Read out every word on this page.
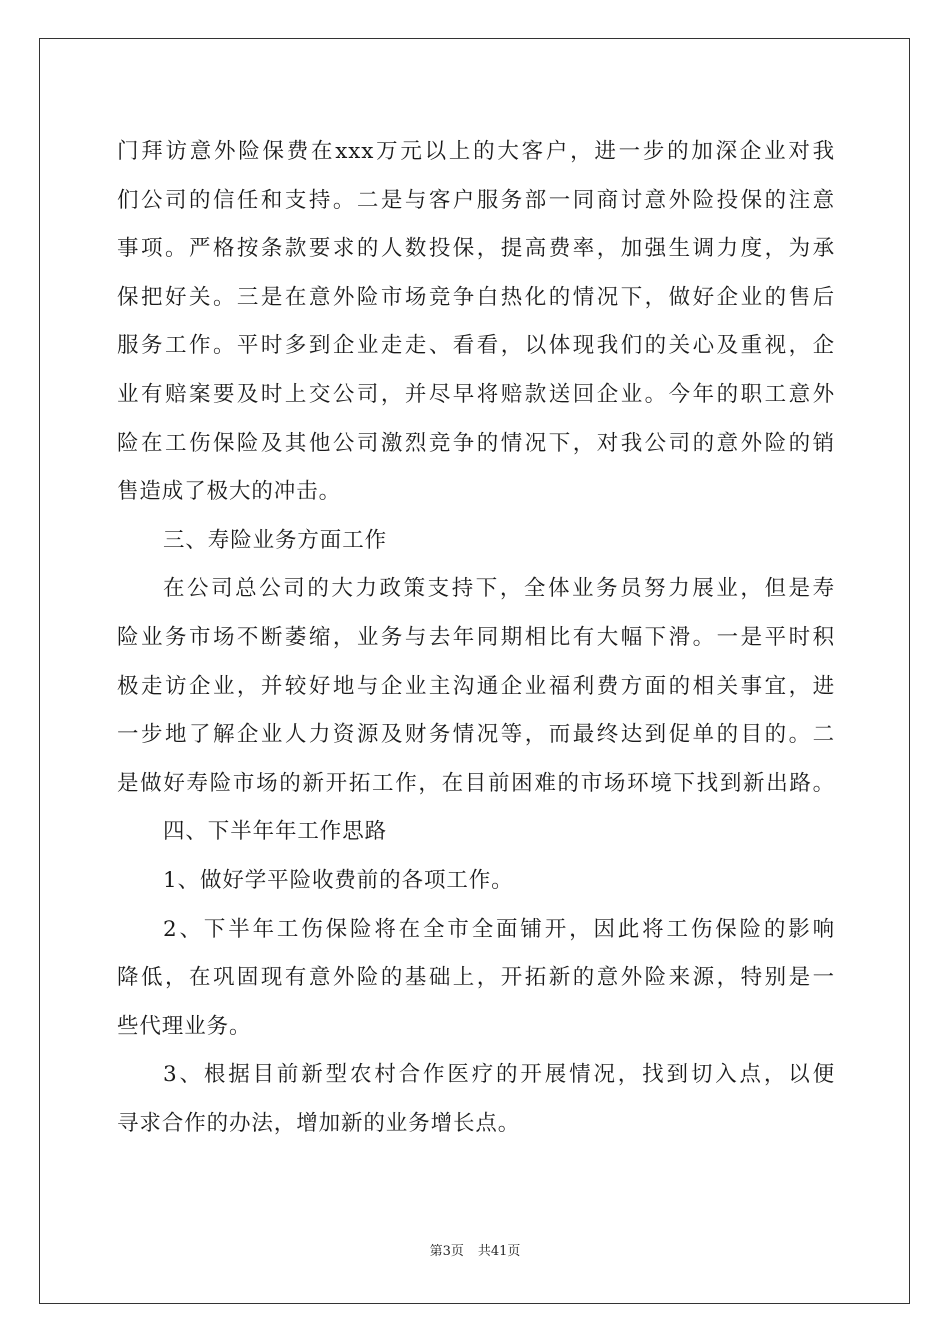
门拜访意外险保费在xxx万元以上的大客户，进一步的加深企业对我
们公司的信任和支持。二是与客户服务部一同商讨意外险投保的注意
事项。严格按条款要求的人数投保，提高费率，加强生调力度，为承
保把好关。三是在意外险市场竞争白热化的情况下，做好企业的售后
服务工作。平时多到企业走走、看看，以体现我们的关心及重视，企
业有赔案要及时上交公司，并尽早将赔款送回企业。今年的职工意外
险在工伤保险及其他公司激烈竞争的情况下，对我公司的意外险的销
售造成了极大的冲击。
三、寿险业务方面工作
在公司总公司的大力政策支持下，全体业务员努力展业，但是寿
险业务市场不断萎缩，业务与去年同期相比有大幅下滑。一是平时积
极走访企业，并较好地与企业主沟通企业福利费方面的相关事宜，进
一步地了解企业人力资源及财务情况等，而最终达到促单的目的。二
是做好寿险市场的新开拓工作，在目前困难的市场环境下找到新出路。
四、下半年年工作思路
1、做好学平险收费前的各项工作。
2、下半年工伤保险将在全市全面铺开，因此将工伤保险的影响
降低，在巩固现有意外险的基础上，开拓新的意外险来源，特别是一
些代理业务。
3、根据目前新型农村合作医疗的开展情况，找到切入点，以便
寻求合作的办法，增加新的业务增长点。
第3页 共41页
